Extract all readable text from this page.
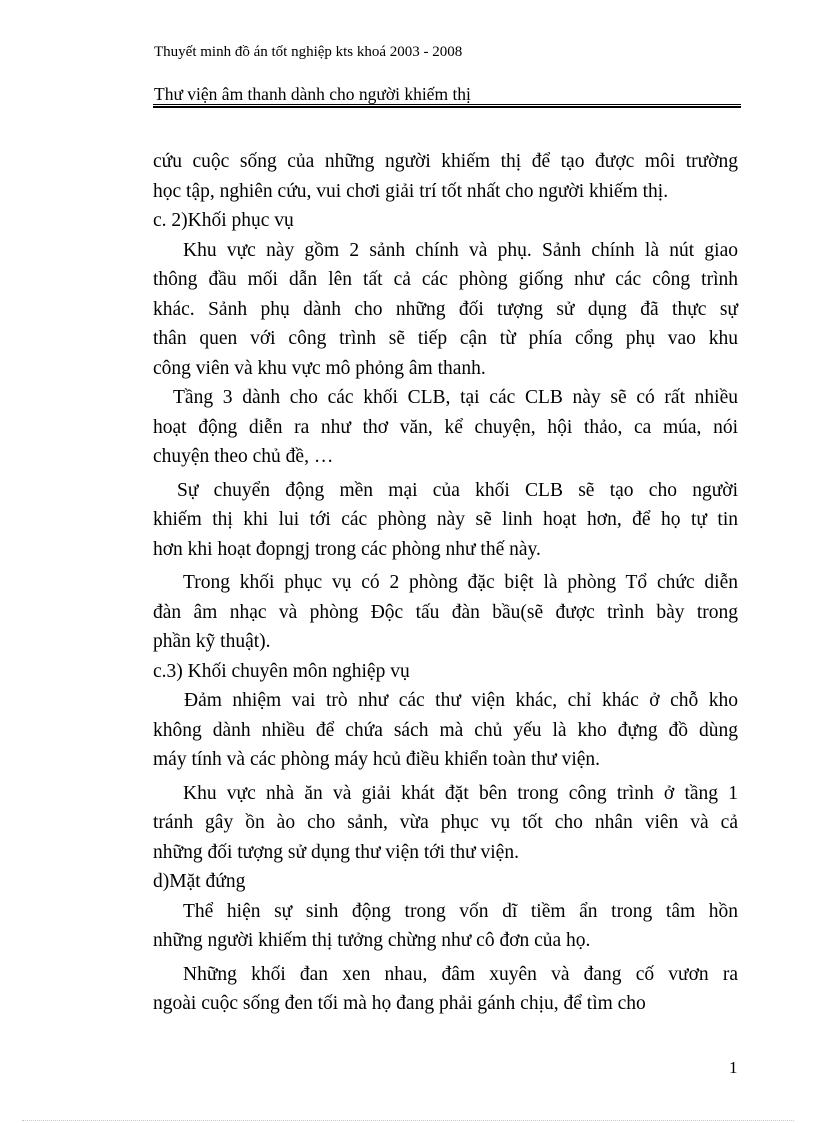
Thuyết minh đồ án tốt nghiệp kts khoá 2003 - 2008
Thư viện âm thanh dành cho người khiếm thị
cứu cuộc sống của những người khiếm thị để tạo được môi trường
học tập, nghiên cứu, vui chơi giải trí tốt nhất cho người khiếm thị.
c. 2)Khối phục vụ
Khu vực này gồm 2 sảnh chính và phụ. Sảnh chính là nút giao
thông đầu mối dẫn lên tất cả các phòng giống như các công trình
khác. Sảnh phụ dành cho những đối tượng sử dụng đã thực sự
thân quen với công trình sẽ tiếp cận từ phía cổng phụ vao khu
công viên và khu vực mô phỏng âm thanh.
Tầng 3 dành cho các khối CLB, tại các CLB này sẽ có rất nhiều
hoạt động diễn ra như thơ văn, kể chuyện, hội thảo, ca múa, nói
chuyện theo chủ đề, …
Sự chuyển động mền mại của khối CLB sẽ tạo cho người
khiếm thị khi lui tới các phòng này sẽ linh hoạt hơn, để họ tự tin
hơn khi hoạt đopngj trong các phòng như thế này.
Trong khối phục vụ có 2 phòng đặc biệt là phòng Tổ chức diễn
đàn âm nhạc và phòng Độc tấu đàn bầu(sẽ được trình bày trong
phần kỹ thuật).
c.3) Khối chuyên môn nghiệp vụ
Đảm nhiệm vai trò như các thư viện khác, chỉ khác ở chỗ kho
không dành nhiều để chứa sách mà chủ yếu là kho đựng đồ dùng
máy tính và các phòng máy hcủ điều khiển toàn thư viện.
Khu vực nhà ăn và giải khát đặt bên trong công trình ở tầng 1
tránh gây ồn ào cho sảnh, vừa phục vụ tốt cho nhân viên và cả
những đối tượng sử dụng thư viện tới thư viện.
d)Mặt đứng
Thể hiện sự sinh động trong vốn dĩ tiềm ẩn trong tâm hồn
những người khiếm thị tưởng chừng như cô đơn của họ.
Những khối đan xen nhau, đâm xuyên và đang cố vươn ra
ngoài cuộc sống đen tối mà họ đang phải gánh chịu, để tìm cho
1
